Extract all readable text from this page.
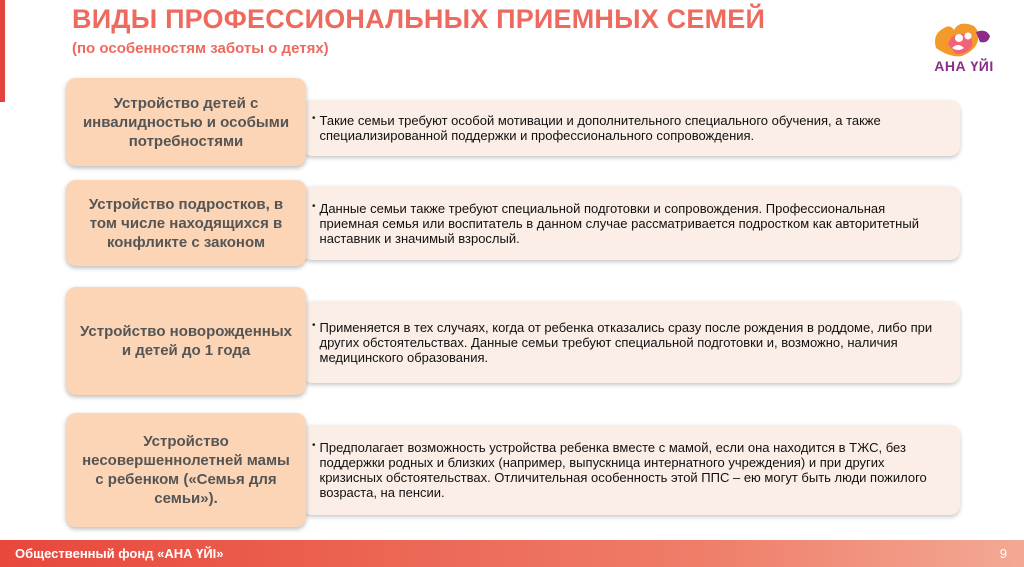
ВИДЫ ПРОФЕССИОНАЛЬНЫХ ПРИЕМНЫХ СЕМЕЙ
(по особенностям заботы о детях)
АНА ҮЙІ
• Такие семьи требуют особой мотивации и дополнительного специального обучения, а также специализированной поддержки и профессионального сопровождения.
Устройство детей с инвалидностью и особыми потребностями
• Данные семьи также требуют специальной подготовки и сопровождения. Профессиональная приемная семья или воспитатель в данном случае рассматривается подростком как авторитетный наставник и значимый взрослый.
Устройство подростков, в том числе находящихся в конфликте с законом
• Применяется в тех случаях, когда от ребенка отказались сразу после рождения в роддоме, либо при других обстоятельствах. Данные семьи требуют специальной подготовки и, возможно, наличия медицинского образования.
Устройство новорожденных и детей до 1 года
• Предполагает возможность устройства ребенка вместе с мамой, если она находится в ТЖС, без поддержки родных и близких (например, выпускница интернатного учреждения) и при других кризисных обстоятельствах. Отличительная особенность этой ППС – ею могут быть люди пожилого возраста, на пенсии.
Устройство несовершеннолетней мамы с ребенком («Семья для семьи»).
Общественный фонд «АНА ҮЙІ»	9
